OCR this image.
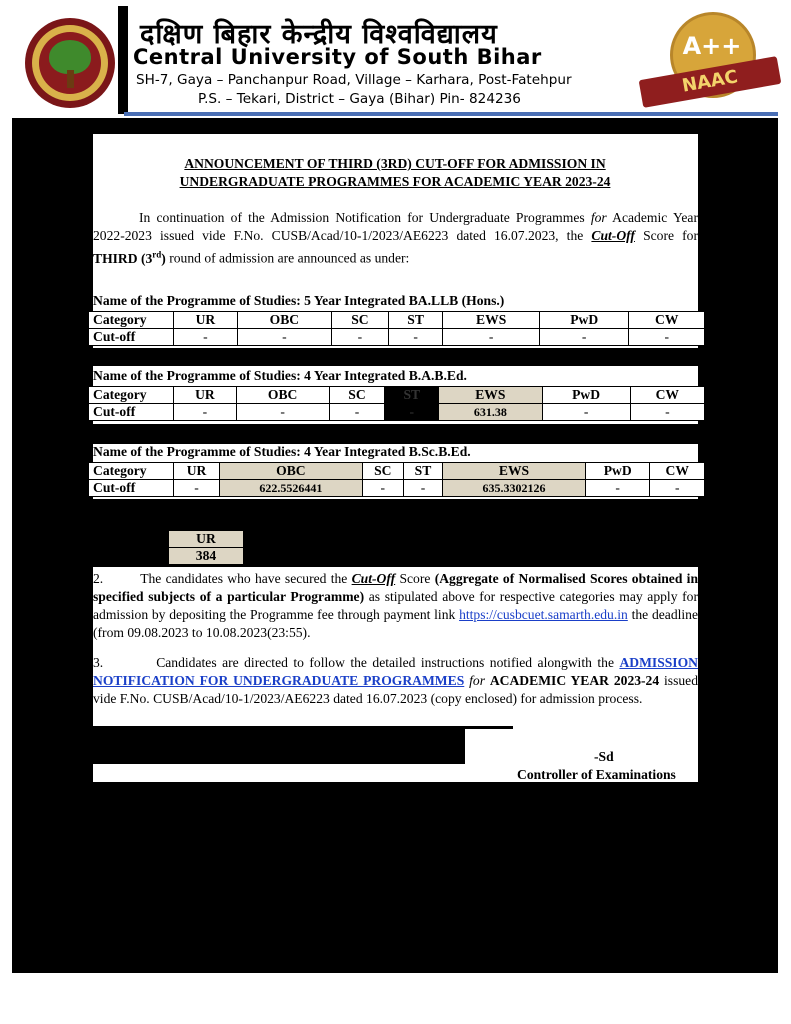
दक्षिण बिहार केन्द्रीय विश्वविद्यालय
Central University of South Bihar
SH-7, Gaya – Panchanpur Road, Village – Karhara, Post-Fatehpur
P.S. – Tekari, District – Gaya (Bihar) Pin- 824236
A++
NAAC
ANNOUNCEMENT OF THIRD (3RD) CUT-OFF FOR ADMISSION IN
UNDERGRADUATE PROGRAMMES FOR ACADEMIC YEAR 2023-24
In continuation of the Admission Notification for Undergraduate Programmes for Academic Year 2022-2023 issued vide F.No. CUSB/Acad/10-1/2023/AE6223 dated 16.07.2023, the Cut-Off Score for THIRD (3rd) round of admission are announced as under:
Name of the Programme of Studies: 5 Year Integrated BA.LLB (Hons.)
Category	UR	OBC	SC	ST	EWS	PwD	CW
Cut-off	-	-	-	-	-	-	-
Name of the Programme of Studies: 4 Year Integrated B.A.B.Ed.
Category	UR	OBC	SC	ST	EWS	PwD	CW
Cut-off	-	-	-	-	631.38	-	-
Name of the Programme of Studies: 4 Year Integrated B.Sc.B.Ed.
Category	UR	OBC	SC	ST	EWS	PwD	CW
Cut-off	-	622.5526441	-	-	635.3302126	-	-
UR
384
2.	The candidates who have secured the Cut-Off Score (Aggregate of Normalised Scores obtained in specified subjects of a particular Programme) as stipulated above for respective categories may apply for admission by depositing the Programme fee through payment link https://cusbcuet.samarth.edu.in the deadline (from 09.08.2023 to 10.08.2023(23:55).
3.	Candidates are directed to follow the detailed instructions notified alongwith the ADMISSION NOTIFICATION FOR UNDERGRADUATE PROGRAMMES for ACADEMIC YEAR 2023-24 issued vide F.No. CUSB/Acad/10-1/2023/AE6223 dated 16.07.2023 (copy enclosed) for admission process.
-Sd
Controller of Examinations
